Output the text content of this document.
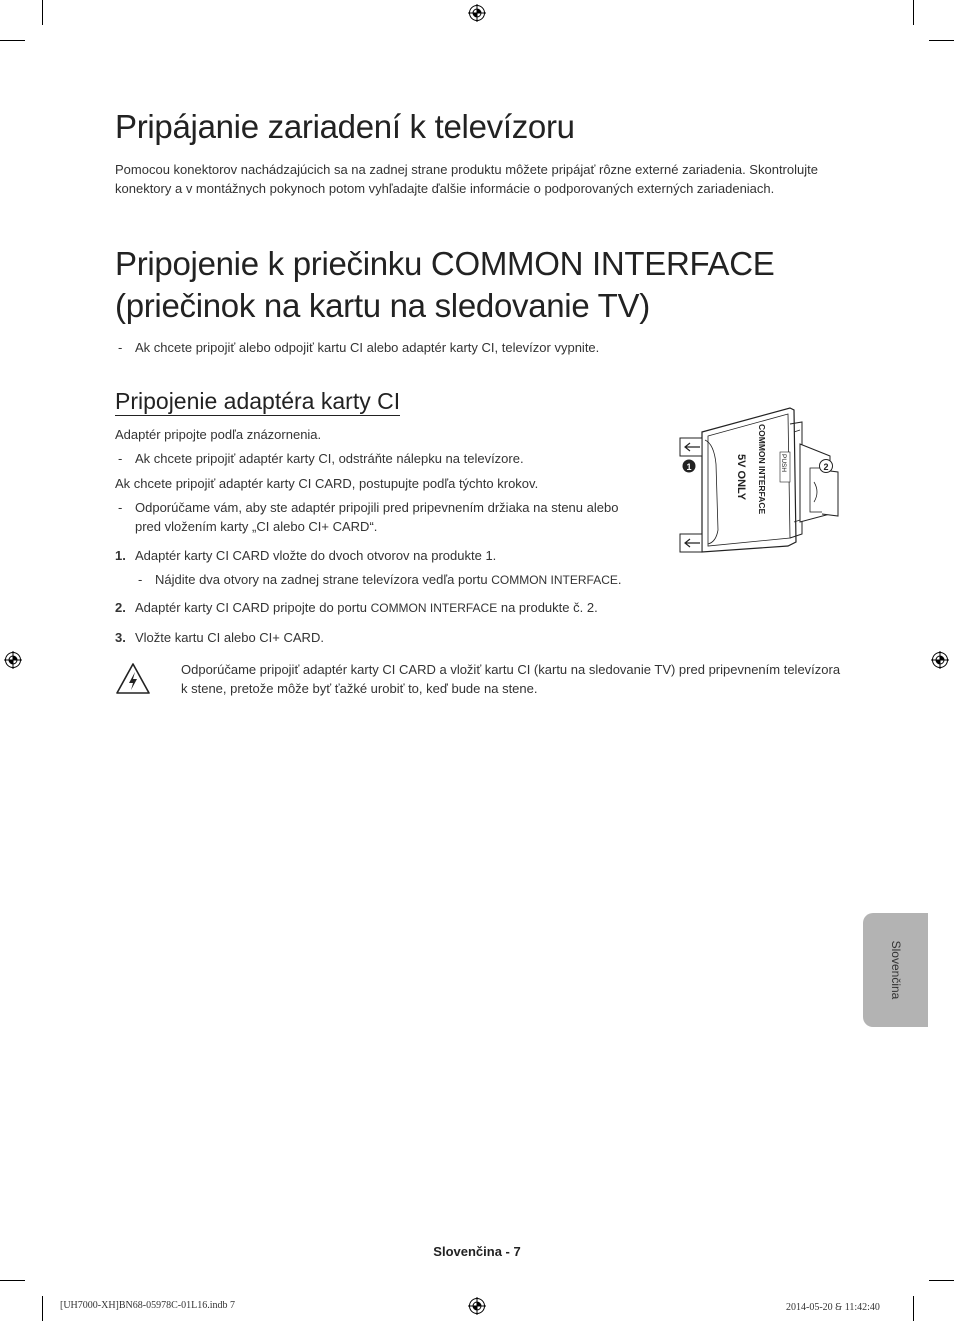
Pripájanie zariadení k televízoru

Pomocou konektorov nachádzajúcich sa na zadnej strane produktu môžete pripájať rôzne externé zariadenia. Skontrolujte konektory a v montážnych pokynoch potom vyhľadajte ďalšie informácie o podporovaných externých zariadeniach.

Pripojenie k priečinku COMMON INTERFACE
(priečinok na kartu na sledovanie TV)
- Ak chcete pripojiť alebo odpojiť kartu CI alebo adaptér karty CI, televízor vypnite.

Pripojenie adaptéra karty CI

Adaptér pripojte podľa znázornenia.

- Ak chcete pripojiť adaptér karty CI, odstráňte nálepku na televízore.

Ak chcete pripojiť adaptér karty CI CARD, postupujte podľa týchto krokov.

- Odporúčame vám, aby ste adaptér pripojili pred pripevnením držiaka na stenu alebo

pred vložením karty „CI alebo CI+ CARD“.

1. Adaptér karty CI CARD vložte do dvoch otvorov na produkte 1.

- Nájdite dva otvory na zadnej strane televízora vedľa portu COMMON INTERFACE.

2. Adaptér karty CI CARD pripojte do portu COMMON INTERFACE na produkte č. 2.

3. Vložte kartu CI alebo CI+ CARD.

Odporúčame pripojiť adaptér karty CI CARD a vložiť kartu CI (kartu na sledovanie TV) pred pripevnením televízora k stene, pretože môže byť ťažké urobiť to, keď bude na stene.

1	2
COMMON INTERFACE
5V ONLY	PUSH
Slovenčina
Slovenčina - 7
[UH7000-XH]BN68-05978C-01L16.indb 7	2014-05-20 🙲 11:42:40
